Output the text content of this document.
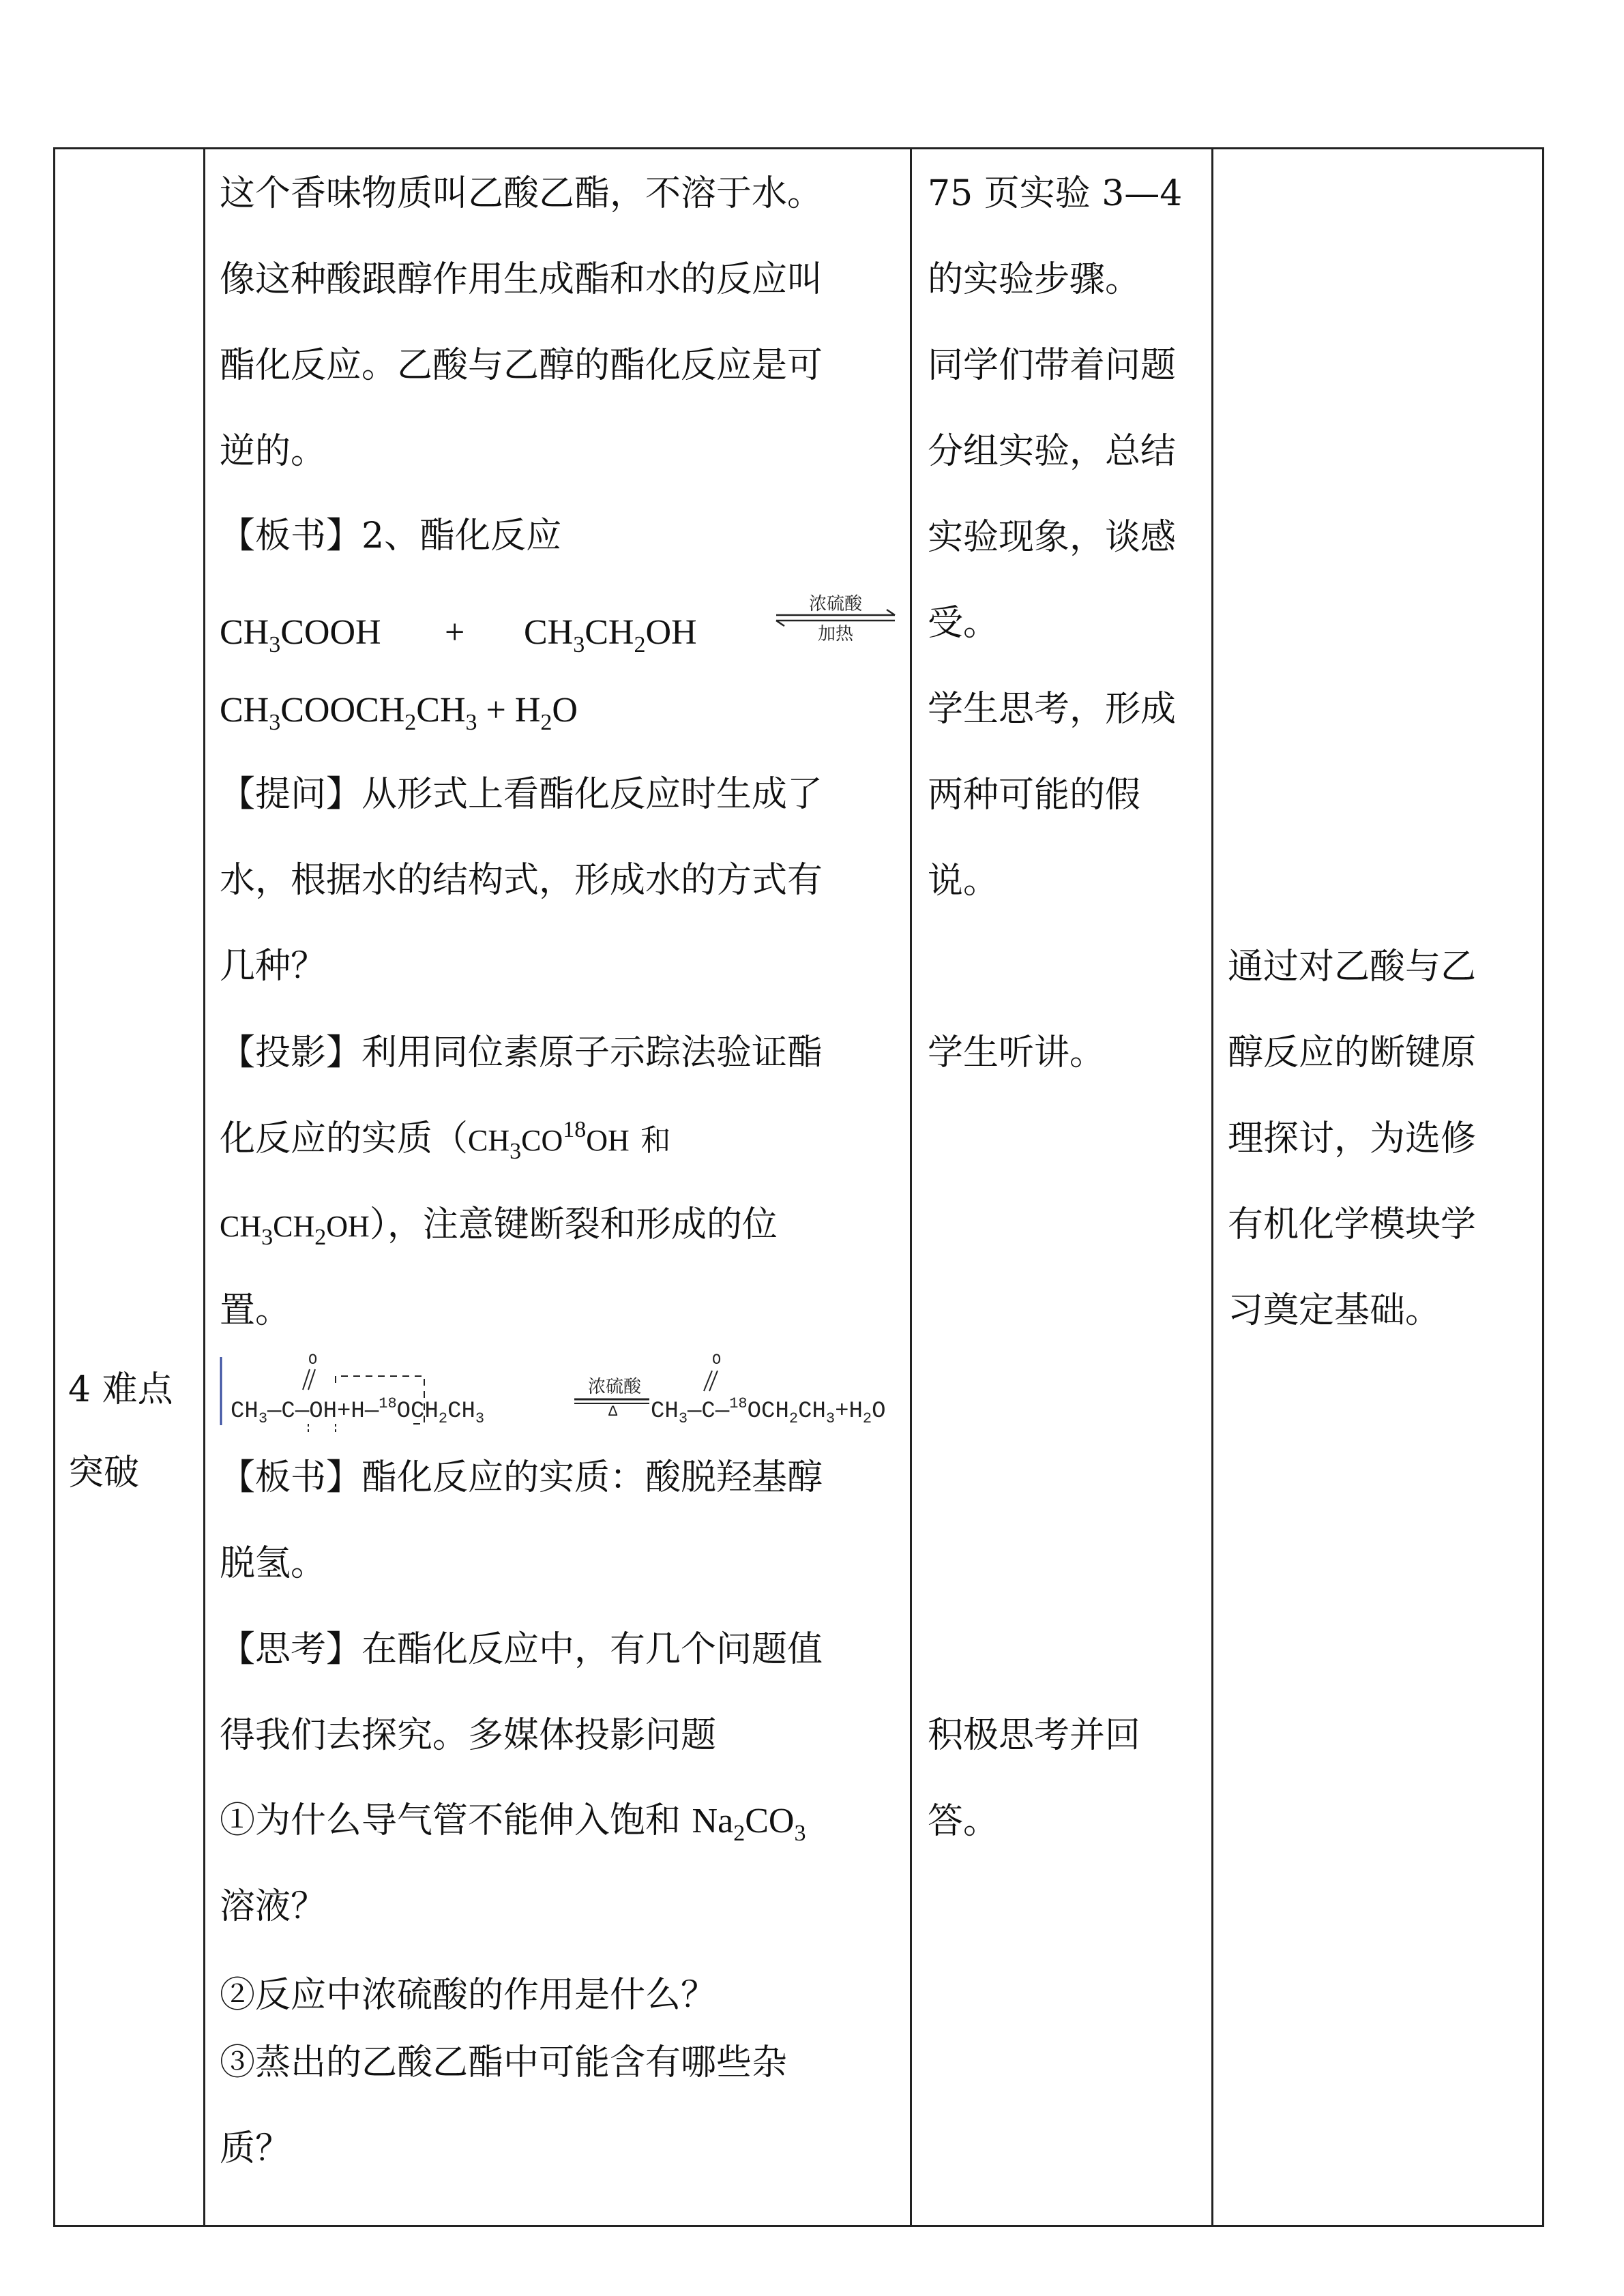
4 难点
突破
这个香味物质叫乙酸乙酯，不溶于水。
像这种酸跟醇作用生成酯和水的反应叫
酯化反应。乙酸与乙醇的酯化反应是可
逆的。
【板书】2、酯化反应
$CH_3COOH + CH_3CH_2OH$
浓硫酸
加热
$CH_3COOCH_2CH_3 + H_2O$
【提问】从形式上看酯化反应时生成了
水，根据水的结构式，形成水的方式有
几种？
【投影】利用同位素原子示踪法验证酯
化反应的实质（$CH_3CO^{18}OH$ 和
$CH_3CH_2OH$），注意键断裂和形成的位
置。
$CH_3—C—OH+H—^{18}OCH_2CH_3$
O
浓硫酸
Δ $CH_3—C—^{18}OCH_2CH_3+H_2O$
O
【板书】酯化反应的实质：酸脱羟基醇
脱氢。
【思考】在酯化反应中，有几个问题值
得我们去探究。多媒体投影问题
①为什么导气管不能伸入饱和 $Na_2CO_3$
溶液？
②反应中浓硫酸的作用是什么？
③蒸出的乙酸乙酯中可能含有哪些杂
质？
75 页实验 3—4
的实验步骤。
同学们带着问题
分组实验，总结
实验现象，谈感
受。
学生思考，形成
两种可能的假
说。
学生听讲。
积极思考并回
答。
通过对乙酸与乙
醇反应的断键原
理探讨，为选修
有机化学模块学
习奠定基础。
